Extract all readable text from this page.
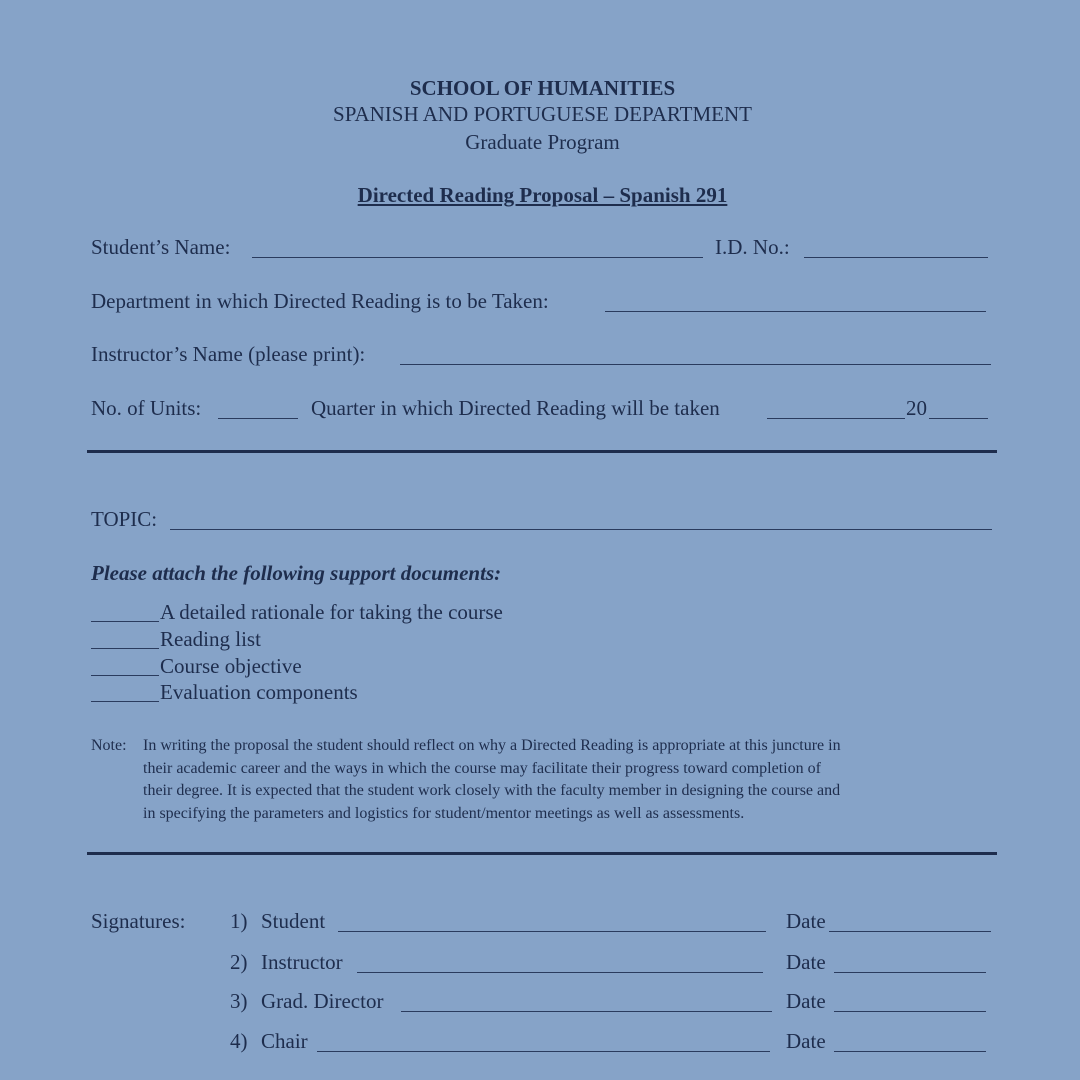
SCHOOL OF HUMANITIES
SPANISH AND PORTUGUESE DEPARTMENT
Graduate Program
Directed Reading Proposal – Spanish 291
Student’s Name:	I.D. No.:
Department in which Directed Reading is to be Taken:
Instructor’s Name (please print):
No. of Units:	Quarter in which Directed Reading will be taken	20
TOPIC:
Please attach the following support documents:
A detailed rationale for taking the course
Reading list
Course objective
Evaluation components
Note: In writing the proposal the student should reflect on why a Directed Reading is appropriate at this juncture in
their academic career and the ways in which the course may facilitate their progress toward completion of
their degree. It is expected that the student work closely with the faculty member in designing the course and
in specifying the parameters and logistics for student/mentor meetings as well as assessments.
Signatures: 1) Student	Date
2) Instructor	Date
3) Grad. Director	Date
4) Chair	Date
